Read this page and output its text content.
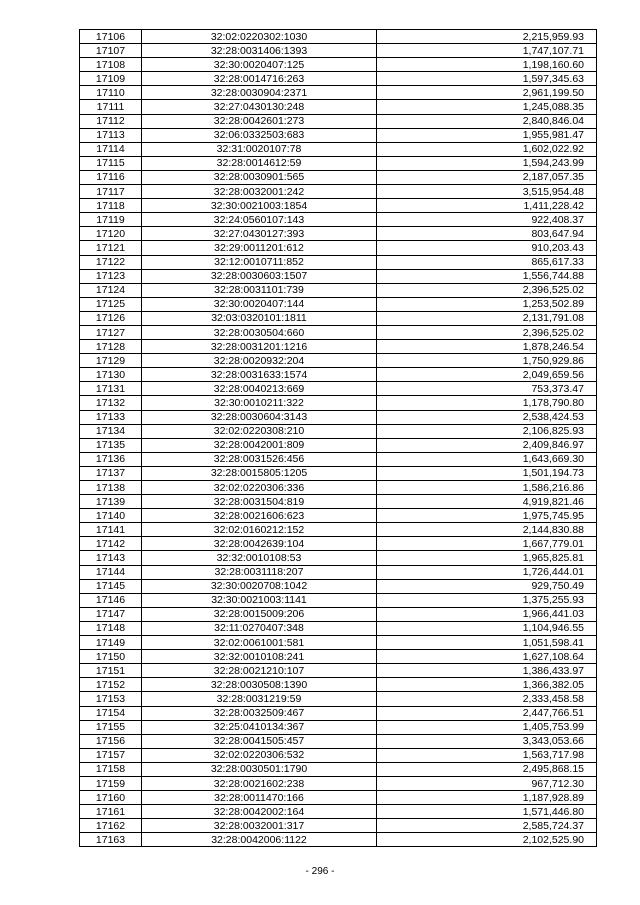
17106	32:02:0220302:1030	2,215,959.93
17107	32:28:0031406:1393	1,747,107.71
17108	32:30:0020407:125	1,198,160.60
17109	32:28:0014716:263	1,597,345.63
17110	32:28:0030904:2371	2,961,199.50
17111	32:27:0430130:248	1,245,088.35
17112	32:28:0042601:273	2,840,846.04
17113	32:06:0332503:683	1,955,981.47
17114	32:31:0020107:78	1,602,022.92
17115	32:28:0014612:59	1,594,243.99
17116	32:28:0030901:565	2,187,057.35
17117	32:28:0032001:242	3,515,954.48
17118	32:30:0021003:1854	1,411,228.42
17119	32:24:0560107:143	922,408.37
17120	32:27:0430127:393	803,647.94
17121	32:29:0011201:612	910,203.43
17122	32:12:0010711:852	865,617.33
17123	32:28:0030603:1507	1,556,744.88
17124	32:28:0031101:739	2,396,525.02
17125	32:30:0020407:144	1,253,502.89
17126	32:03:0320101:1811	2,131,791.08
17127	32:28:0030504:660	2,396,525.02
17128	32:28:0031201:1216	1,878,246.54
17129	32:28:0020932:204	1,750,929.86
17130	32:28:0031633:1574	2,049,659.56
17131	32:28:0040213:669	753,373.47
17132	32:30:0010211:322	1,178,790.80
17133	32:28:0030604:3143	2,538,424.53
17134	32:02:0220308:210	2,106,825.93
17135	32:28:0042001:809	2,409,846.97
17136	32:28:0031526:456	1,643,669.30
17137	32:28:0015805:1205	1,501,194.73
17138	32:02:0220306:336	1,586,216.86
17139	32:28:0031504:819	4,919,821.46
17140	32:28:0021606:623	1,975,745.95
17141	32:02:0160212:152	2,144,830.88
17142	32:28:0042639:104	1,667,779.01
17143	32:32:0010108:53	1,965,825.81
17144	32:28:0031118:207	1,726,444.01
17145	32:30:0020708:1042	929,750.49
17146	32:30:0021003:1141	1,375,255.93
17147	32:28:0015009:206	1,966,441.03
17148	32:11:0270407:348	1,104,946.55
17149	32:02:0061001:581	1,051,598.41
17150	32:32:0010108:241	1,627,108.64
17151	32:28:0021210:107	1,386,433.97
17152	32:28:0030508:1390	1,366,382.05
17153	32:28:0031219:59	2,333,458.58
17154	32:28:0032509:467	2,447,766.51
17155	32:25:0410134:367	1,405,753.99
17156	32:28:0041505:457	3,343,053.66
17157	32:02:0220306:532	1,563,717.98
17158	32:28:0030501:1790	2,495,868.15
17159	32:28:0021602:238	967,712.30
17160	32:28:0011470:166	1,187,928.89
17161	32:28:0042002:164	1,571,446.80
17162	32:28:0032001:317	2,585,724.37
17163	32:28:0042006:1122	2,102,525.90
- 296 -
